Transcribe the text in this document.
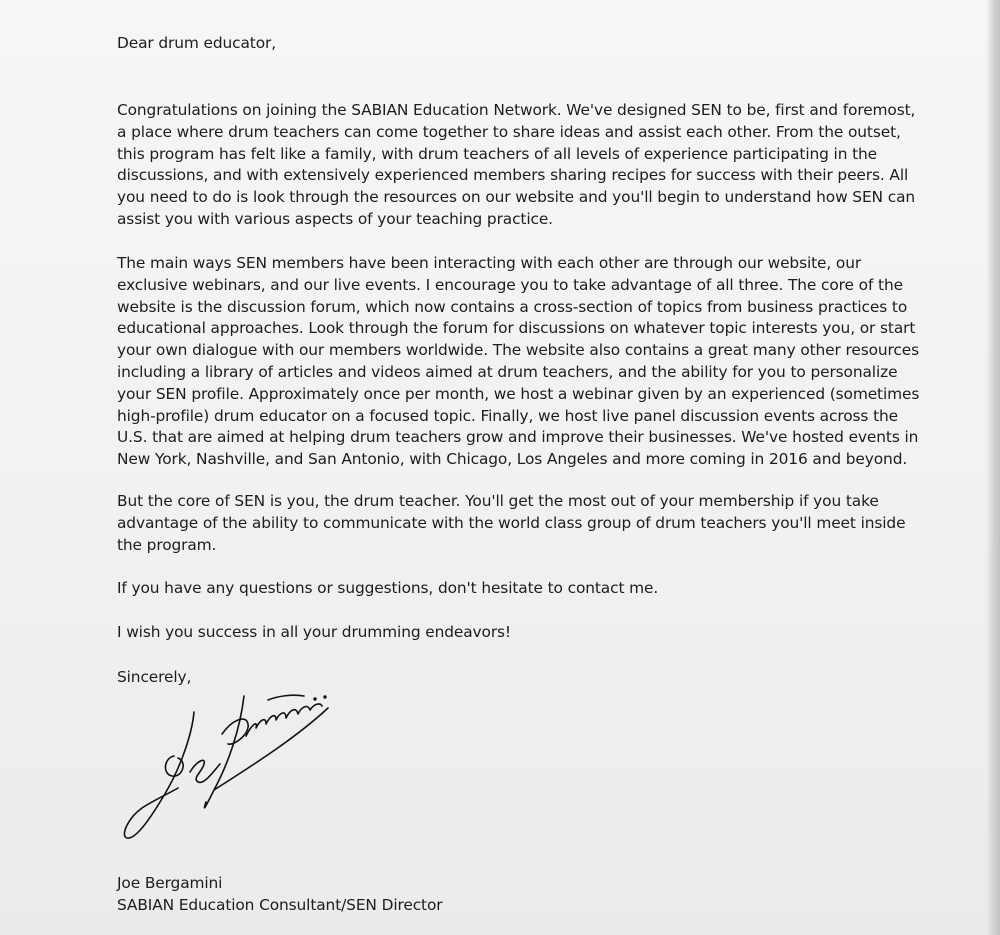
Dear drum educator,
Congratulations on joining the SABIAN Education Network. We've designed SEN to be, first and foremost,
a place where drum teachers can come together to share ideas and assist each other. From the outset,
this program has felt like a family, with drum teachers of all levels of experience participating in the
discussions, and with extensively experienced members sharing recipes for success with their peers. All
you need to do is look through the resources on our website and you'll begin to understand how SEN can
assist you with various aspects of your teaching practice.
The main ways SEN members have been interacting with each other are through our website, our
exclusive webinars, and our live events. I encourage you to take advantage of all three. The core of the
website is the discussion forum, which now contains a cross-section of topics from business practices to
educational approaches. Look through the forum for discussions on whatever topic interests you, or start
your own dialogue with our members worldwide. The website also contains a great many other resources
including a library of articles and videos aimed at drum teachers, and the ability for you to personalize
your SEN profile. Approximately once per month, we host a webinar given by an experienced (sometimes
high-profile) drum educator on a focused topic. Finally, we host live panel discussion events across the
U.S. that are aimed at helping drum teachers grow and improve their businesses. We've hosted events in
New York, Nashville, and San Antonio, with Chicago, Los Angeles and more coming in 2016 and beyond.
But the core of SEN is you, the drum teacher. You'll get the most out of your membership if you take
advantage of the ability to communicate with the world class group of drum teachers you'll meet inside
the program.
If you have any questions or suggestions, don't hesitate to contact me.
I wish you success in all your drumming endeavors!
Sincerely,
Joe Bergamini
SABIAN Education Consultant/SEN Director
